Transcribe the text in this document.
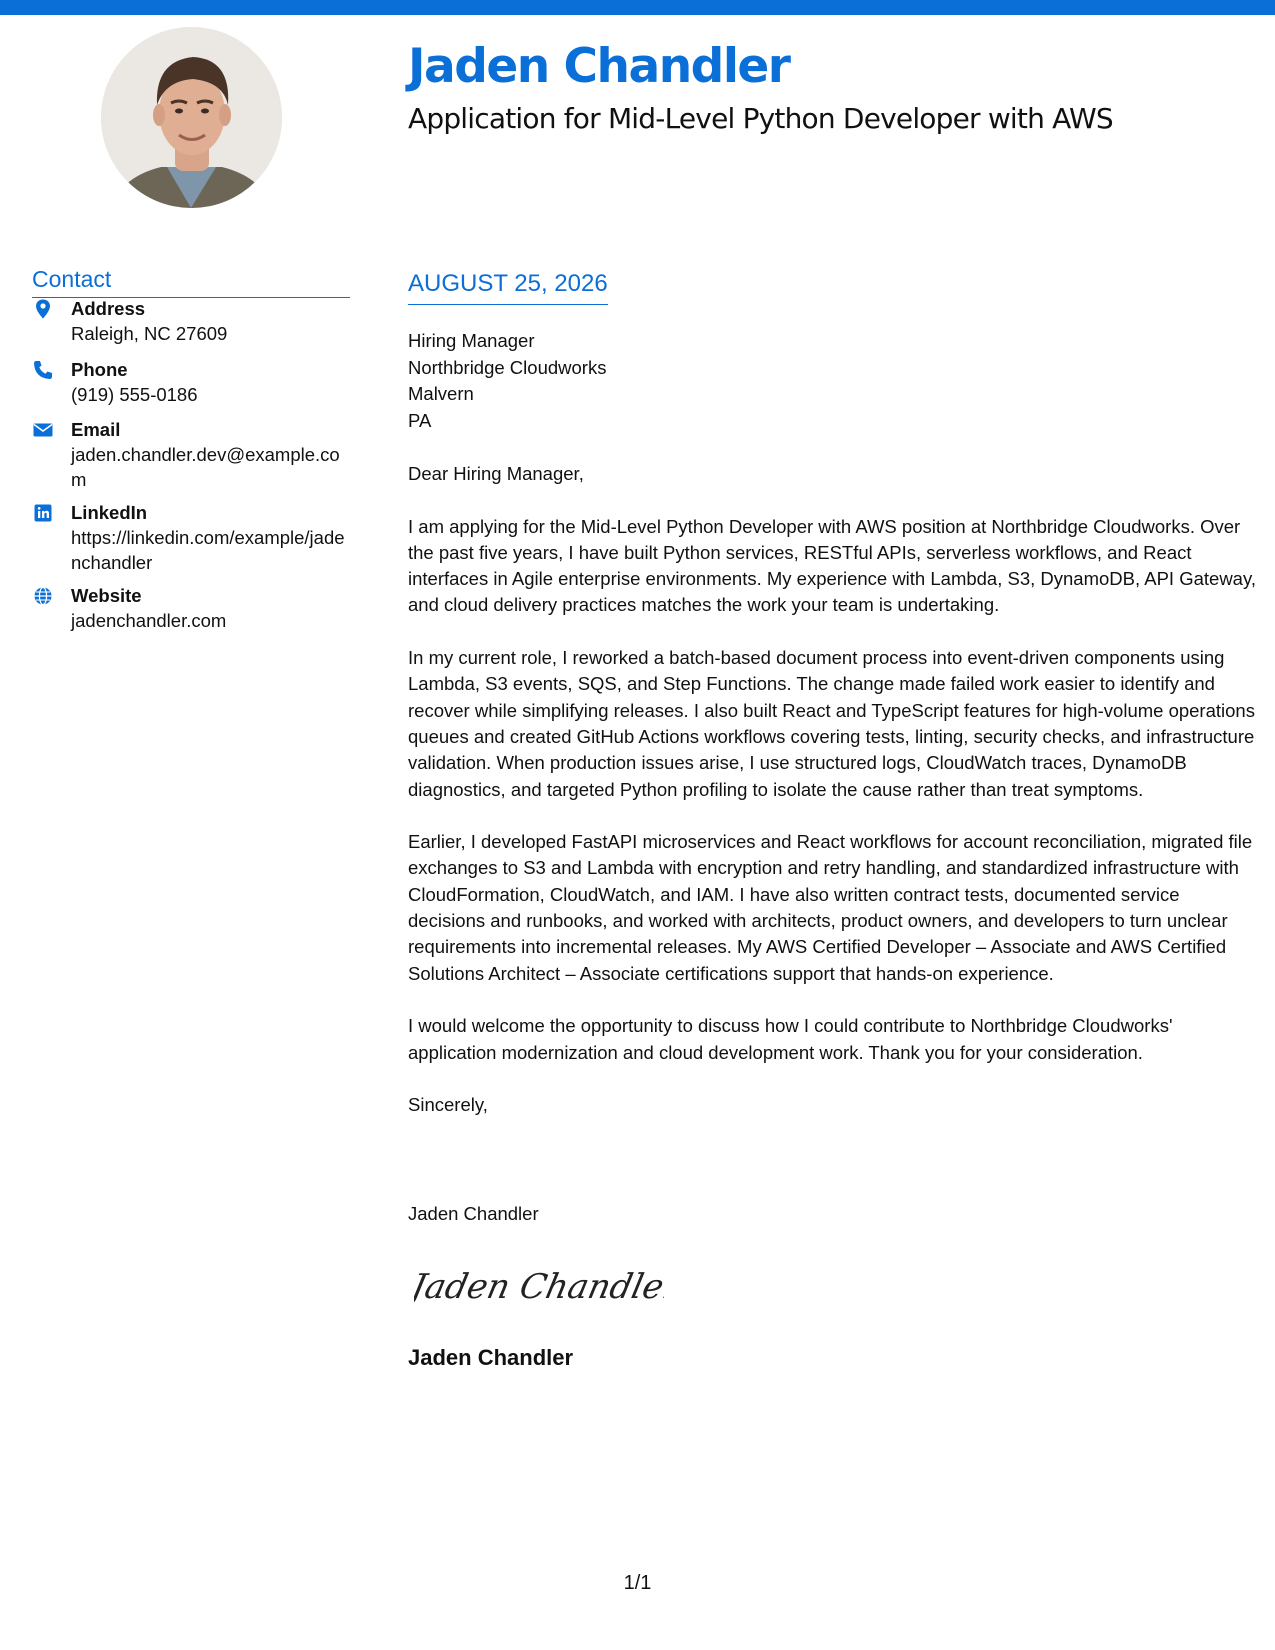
Jaden Chandler
Application for Mid-Level Python Developer with AWS
Contact
Address
Raleigh, NC 27609
Phone
(919) 555-0186
Email
jaden.chandler.dev@example.com
LinkedIn
https://linkedin.com/example/jadenchandler
Website
jadenchandler.com
AUGUST 25, 2026
Hiring Manager
Northbridge Cloudworks
Malvern
PA

Dear Hiring Manager,

I am applying for the Mid-Level Python Developer with AWS position at Northbridge Cloudworks. Over the past five years, I have built Python services, RESTful APIs, serverless workflows, and React interfaces in Agile enterprise environments. My experience with Lambda, S3, DynamoDB, API Gateway, and cloud delivery practices matches the work your team is undertaking.

In my current role, I reworked a batch-based document process into event-driven components using Lambda, S3 events, SQS, and Step Functions. The change made failed work easier to identify and recover while simplifying releases. I also built React and TypeScript features for high-volume operations queues and created GitHub Actions workflows covering tests, linting, security checks, and infrastructure validation. When production issues arise, I use structured logs, CloudWatch traces, DynamoDB diagnostics, and targeted Python profiling to isolate the cause rather than treat symptoms.

Earlier, I developed FastAPI microservices and React workflows for account reconciliation, migrated file exchanges to S3 and Lambda with encryption and retry handling, and standardized infrastructure with CloudFormation, CloudWatch, and IAM. I have also written contract tests, documented service decisions and runbooks, and worked with architects, product owners, and developers to turn unclear requirements into incremental releases. My AWS Certified Developer – Associate and AWS Certified Solutions Architect – Associate certifications support that hands-on experience.

I would welcome the opportunity to discuss how I could contribute to Northbridge Cloudworks' application modernization and cloud development work. Thank you for your consideration.

Sincerely,

Jaden Chandler
Jaden Chandler
Jaden Chandler
1/1
